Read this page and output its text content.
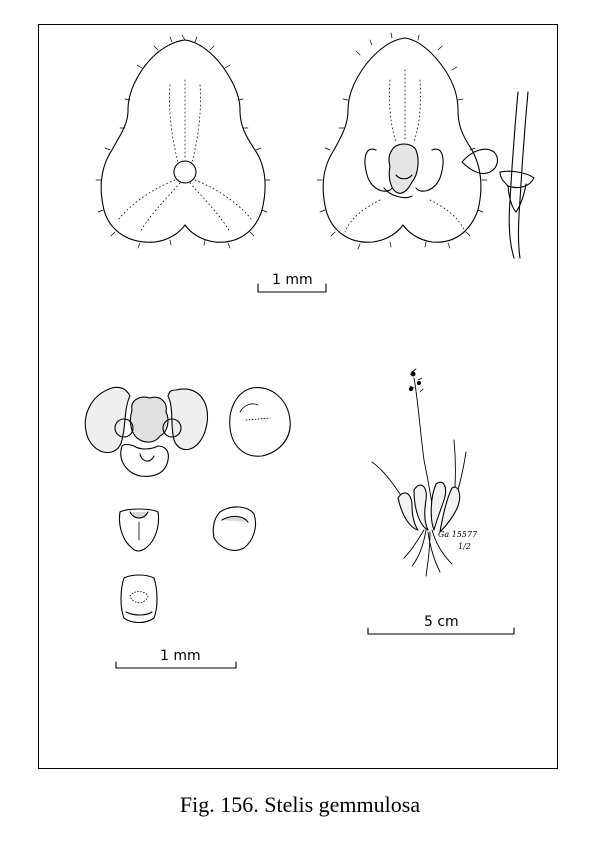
1 mm
1 mm
5 cm
Ga 15577
1/2
Fig. 156. Stelis gemmulosa
